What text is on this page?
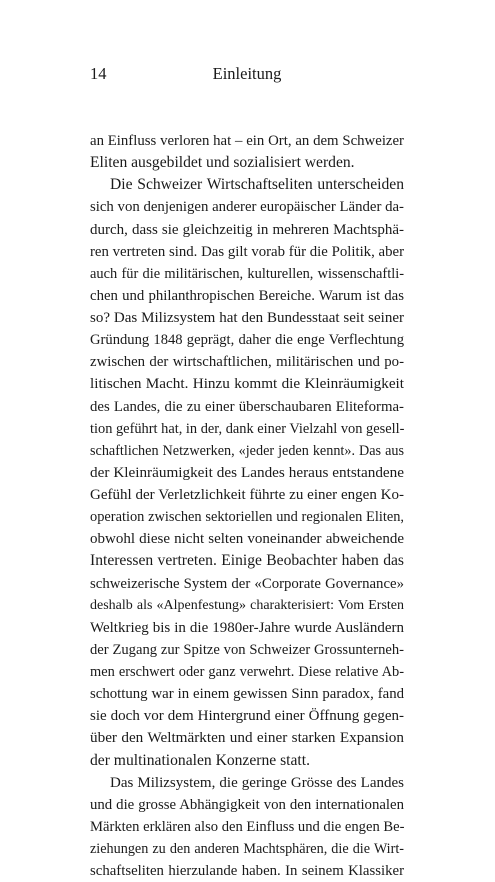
14	Einleitung
an Einfluss verloren hat – ein Ort, an dem Schweizer
Eliten ausgebildet und sozialisiert werden.
Die Schweizer Wirtschaftseliten unterscheiden
sich von denjenigen anderer europäischer Länder da-
durch, dass sie gleichzeitig in mehreren Machtsphä-
ren vertreten sind. Das gilt vorab für die Politik, aber
auch für die militärischen, kulturellen, wissenschaftli-
chen und philanthropischen Bereiche. Warum ist das
so? Das Milizsystem hat den Bundesstaat seit seiner
Gründung 1848 geprägt, daher die enge Verflechtung
zwischen der wirtschaftlichen, militärischen und po-
litischen Macht. Hinzu kommt die Kleinräumigkeit
des Landes, die zu einer überschaubaren Eliteforma-
tion geführt hat, in der, dank einer Vielzahl von gesell-
schaftlichen Netzwerken, «jeder jeden kennt». Das aus
der Kleinräumigkeit des Landes heraus entstandene
Gefühl der Verletzlichkeit führte zu einer engen Ko-
operation zwischen sektoriellen und regionalen Eliten,
obwohl diese nicht selten voneinander abweichende
Interessen vertreten. Einige Beobachter haben das
schweizerische System der «Corporate Governance»
deshalb als «Alpenfestung» charakterisiert: Vom Ersten
Weltkrieg bis in die 1980er-Jahre wurde Ausländern
der Zugang zur Spitze von Schweizer Grossunterneh-
men erschwert oder ganz verwehrt. Diese relative Ab-
schottung war in einem gewissen Sinn paradox, fand
sie doch vor dem Hintergrund einer Öffnung gegen-
über den Weltmärkten und einer starken Expansion
der multinationalen Konzerne statt.
Das Milizsystem, die geringe Grösse des Landes
und die grosse Abhängigkeit von den internationalen
Märkten erklären also den Einfluss und die engen Be-
ziehungen zu den anderen Machtsphären, die die Wirt-
schaftseliten hierzulande haben. In seinem Klassiker
